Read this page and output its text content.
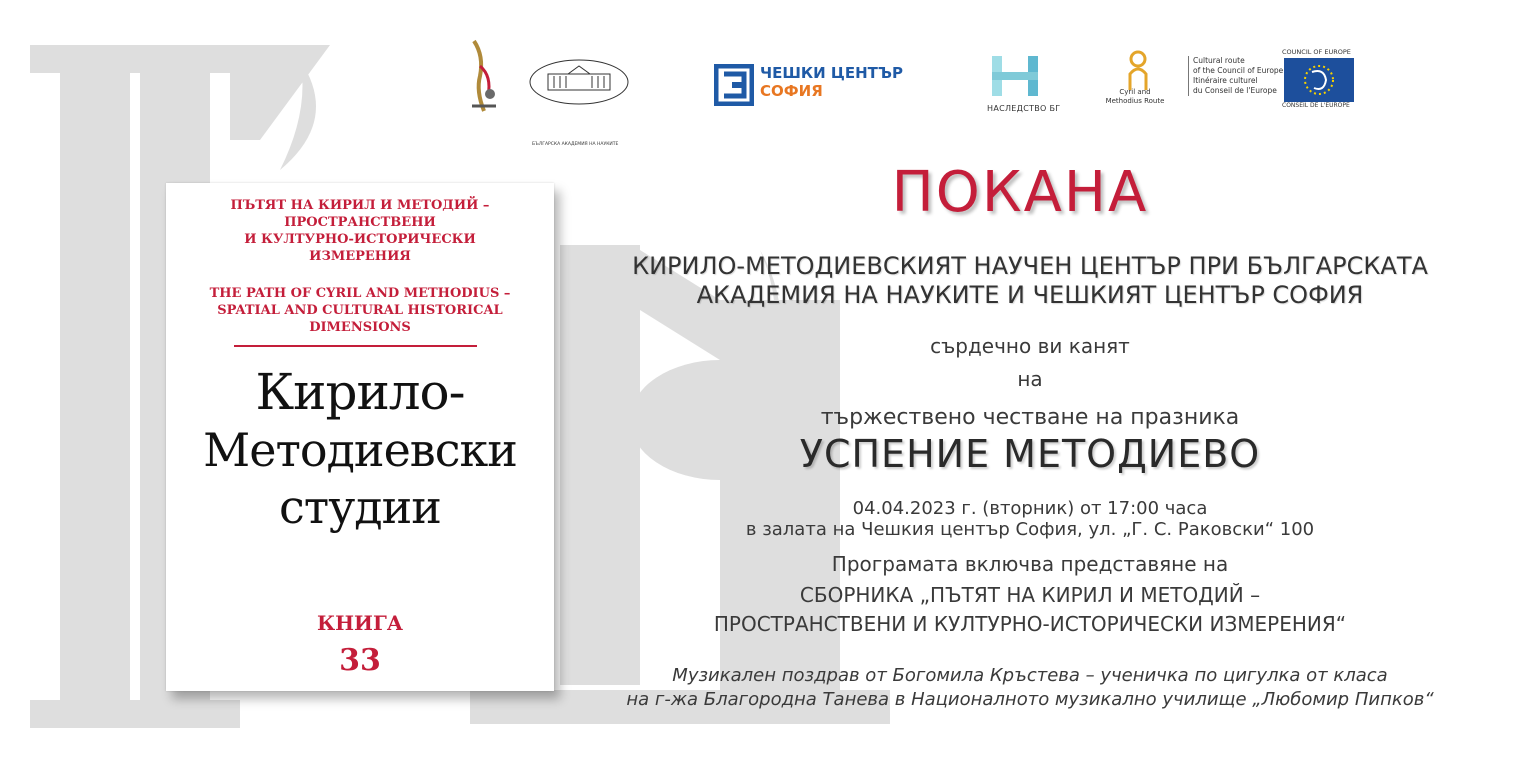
БЪЛГАРСКА АКАДЕМИЯ НА НАУКИТЕ
ЧЕШКИ ЦЕНТЪР
СОФИЯ
НАСЛЕДСТВО БГ
Cyril and Methodius Route
Cultural route
of the Council of Europe
Itinéraire culturel
du Conseil de l'Europe
COUNCIL OF EUROPE
CONSEIL DE L'EUROPE
ПЪТЯТ НА КИРИЛ И МЕТОДИЙ –
ПРОСТРАНСТВЕНИ
И КУЛТУРНО-ИСТОРИЧЕСКИ
ИЗМЕРЕНИЯ
THE PATH OF CYRIL AND METHODIUS –
SPATIAL AND CULTURAL HISTORICAL
DIMENSIONS
Кирило-
Методиевски
студии
КНИГА
33
ПОКАНА
КИРИЛО-МЕТОДИЕВСКИЯТ НАУЧЕН ЦЕНТЪР ПРИ БЪЛГАРСКАТА
АКАДЕМИЯ НА НАУКИТЕ И ЧЕШКИЯТ ЦЕНТЪР СОФИЯ
сърдечно ви канят
на
тържествено честване на празника
УСПЕНИЕ МЕТОДИЕВО
04.04.2023 г. (вторник) от 17:00 часа
в залата на Чешкия център София, ул. „Г. С. Раковски“ 100
Програмата включва представяне на
СБОРНИКА „ПЪТЯТ НА КИРИЛ И МЕТОДИЙ –
ПРОСТРАНСТВЕНИ И КУЛТУРНО-ИСТОРИЧЕСКИ ИЗМЕРЕНИЯ“
Музикален поздрав от Богомила Кръстева – ученичка по цигулка от класа
на г-жа Благородна Танева в Националното музикално училище „Любомир Пипков“
